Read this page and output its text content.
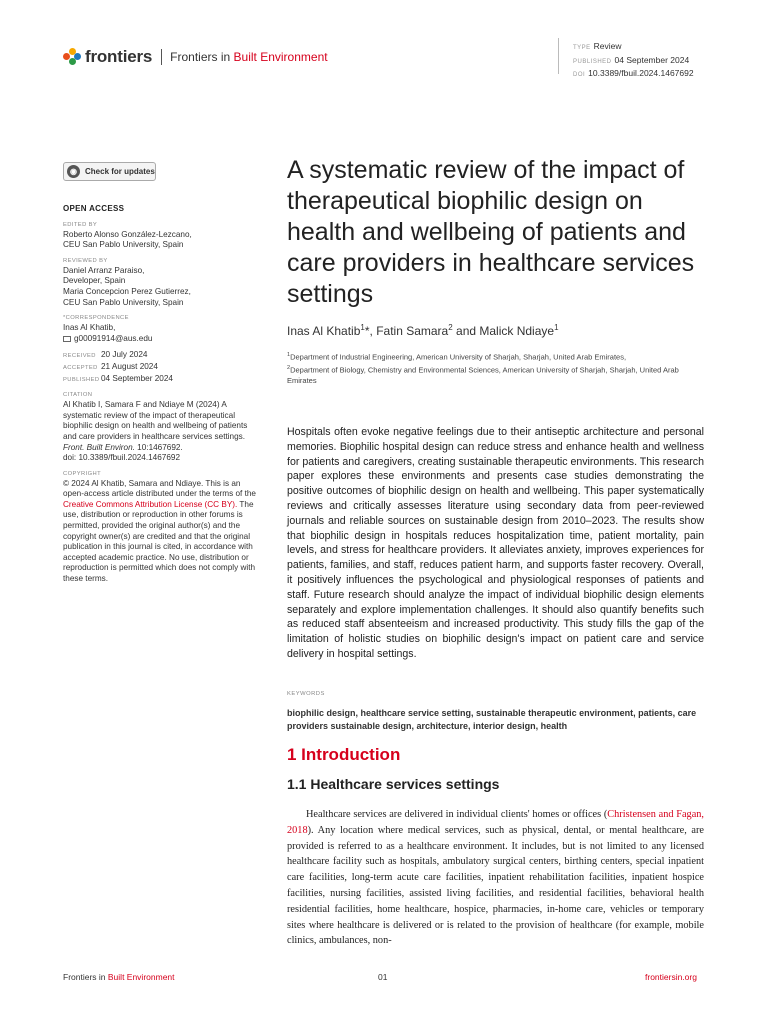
frontiers Frontiers in Built Environment
TYPE Review
PUBLISHED 04 September 2024
DOI 10.3389/fbuil.2024.1467692
◉	Check for updates
OPEN ACCESS
EDITED BY
Roberto Alonso González-Lezcano,
CEU San Pablo University, Spain
REVIEWED BY
Daniel Arranz Paraiso,
Developer, Spain
Maria Concepcion Perez Gutierrez,
CEU San Pablo University, Spain
*CORRESPONDENCE
Inas Al Khatib,
g00091914@aus.edu
RECEIVED 20 July 2024
ACCEPTED 21 August 2024
PUBLISHED 04 September 2024
CITATION
Al Khatib I, Samara F and Ndiaye M (2024) A systematic review of the impact of therapeutical biophilic design on health and wellbeing of patients and care providers in healthcare services settings.
Front. Built Environ. 10:1467692.
doi: 10.3389/fbuil.2024.1467692
COPYRIGHT
© 2024 Al Khatib, Samara and Ndiaye. This is an open-access article distributed under the terms of the Creative Commons Attribution License (CC BY). The use, distribution or reproduction in other forums is permitted, provided the original author(s) and the copyright owner(s) are credited and that the original publication in this journal is cited, in accordance with accepted academic practice. No use, distribution or reproduction is permitted which does not comply with these terms.
A systematic review of the impact of therapeutical biophilic design on health and wellbeing of patients and care providers in healthcare services settings
Inas Al Khatib$^1$*, Fatin Samara$^2$ and Malick Ndiaye$^1$
$^1$Department of Industrial Engineering, American University of Sharjah, Sharjah, United Arab Emirates,
$^2$Department of Biology, Chemistry and Environmental Sciences, American University of Sharjah, Sharjah, United Arab Emirates

Hospitals often evoke negative feelings due to their antiseptic architecture and personal memories. Biophilic hospital design can reduce stress and enhance health and wellness for patients and caregivers, creating sustainable therapeutic environments. This research paper explores these environments and presents case studies demonstrating the positive outcomes of biophilic design on health and wellbeing. This paper systematically reviews and critically assesses literature using secondary data from peer-reviewed journals and reliable sources on sustainable design from 2010–2023. The results show that biophilic design in hospitals reduces hospitalization time, patient mortality, pain levels, and stress for healthcare providers. It alleviates anxiety, improves experiences for patients, families, and staff, reduces patient harm, and supports faster recovery. Overall, it positively influences the psychological and physiological responses of patients and staff. Future research should analyze the impact of individual biophilic design elements separately and explore implementation challenges. It should also quantify benefits such as reduced staff absenteeism and increased productivity. This study fills the gap of the limitation of holistic studies on biophilic design's impact on patient care and service delivery in hospital settings.

KEYWORDS
biophilic design, healthcare service setting, sustainable therapeutic environment, patients, care providers sustainable design, architecture, interior design, health
1 Introduction
1.1 Healthcare services settings

Healthcare services are delivered in individual clients' homes or offices (Christensen and Fagan, 2018). Any location where medical services, such as physical, dental, or mental healthcare, are provided is referred to as a healthcare environment. It includes, but is not limited to any licensed healthcare facility such as hospitals, ambulatory surgical centers, birthing centers, special inpatient care facilities, long-term acute care facilities, inpatient rehabilitation facilities, inpatient hospice facilities, nursing facilities, assisted living facilities, and residential facilities, behavioral health residential facilities, home healthcare, hospice, pharmacies, in-home care, vehicles or temporary sites where healthcare is delivered or is related to the provision of healthcare (for example, mobile clinics, ambulances, non-

Frontiers in Built Environment	01	frontiersin.org
